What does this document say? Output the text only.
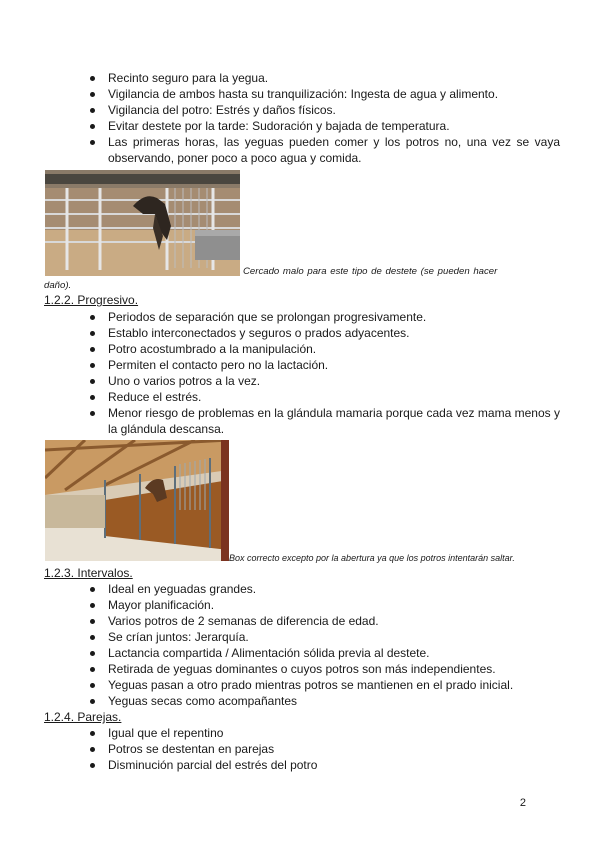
Recinto seguro para la yegua.
Vigilancia de ambos hasta su tranquilización: Ingesta de agua y alimento.
Vigilancia del potro: Estrés y daños físicos.
Evitar destete por la tarde: Sudoración y bajada de temperatura.
Las primeras horas, las yeguas pueden comer y los potros no, una vez se vaya observando, poner poco a poco agua y comida.
Cercado malo para este tipo de destete (se pueden hacer
daño).
1.2.2. Progresivo.
Periodos de separación que se prolongan progresivamente.
Establo interconectados y seguros o prados adyacentes.
Potro acostumbrado a la manipulación.
Permiten el contacto pero no la lactación.
Uno o varios potros a la vez.
Reduce el estrés.
Menor riesgo de problemas en la glándula mamaria porque cada vez mama menos y la glándula descansa.
Box correcto excepto por la abertura ya que los potros intentarán saltar.
1.2.3. Intervalos.
Ideal en yeguadas grandes.
Mayor planificación.
Varios potros de 2 semanas de diferencia de edad.
Se crían juntos: Jerarquía.
Lactancia compartida / Alimentación sólida previa al destete.
Retirada de yeguas dominantes o cuyos potros son más independientes.
Yeguas pasan a otro prado mientras potros se mantienen en el prado inicial.
Yeguas secas como acompañantes
1.2.4. Parejas.
Igual que el repentino
Potros se destentan en parejas
Disminución parcial del estrés del potro
2
